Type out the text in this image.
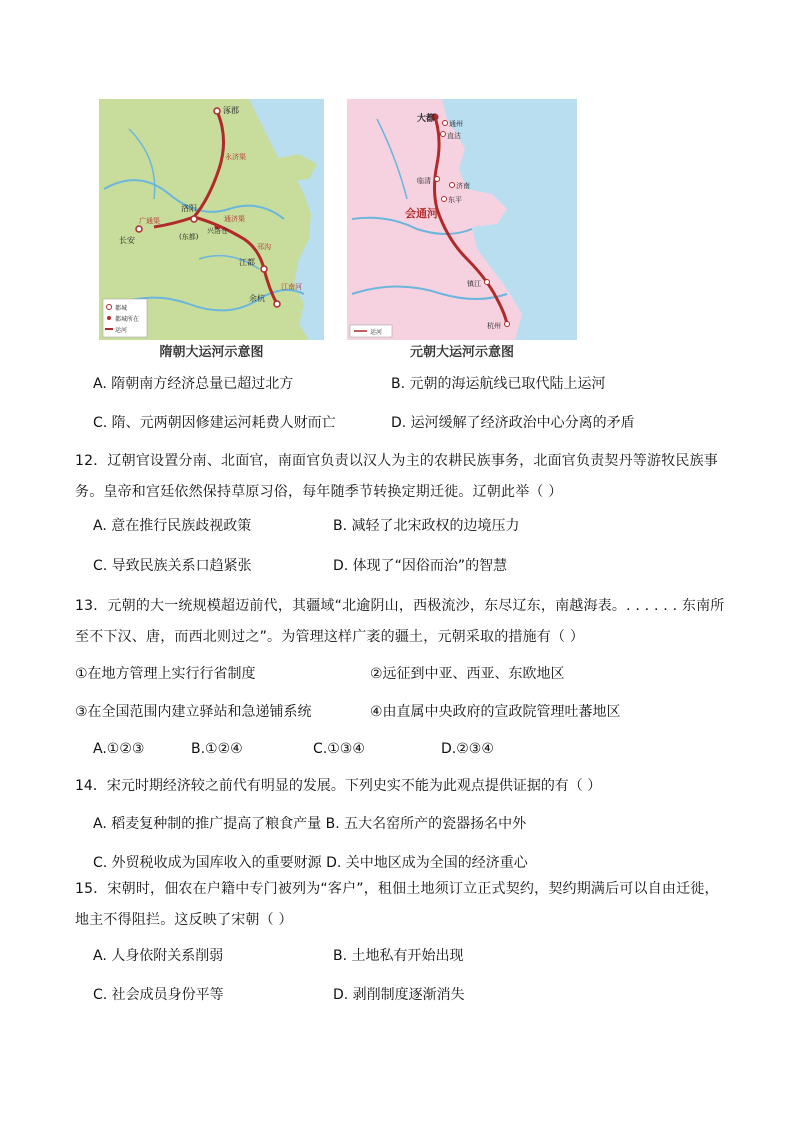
涿郡
洛阳
(东都)
长安
江都
余杭
兴洛仓
广通渠	通济渠
邗沟
江南河
永济渠
都城
都城所在
运河
隋朝大运河示意图
大都 通州
直沽
临清
济南
东平
镇江
杭州
会通河
运河
元朝大运河示意图
A. 隋朝南方经济总量已超过北方	B. 元朝的海运航线已取代陆上运河
C. 隋、元两朝因修建运河耗费人财而亡	D. 运河缓解了经济政治中心分离的矛盾
12．辽朝官设置分南、北面官，南面官负责以汉人为主的农耕民族事务，北面官负责契丹等游牧民族事务。皇帝和宫廷依然保持草原习俗，每年随季节转换定期迁徙。辽朝此举（ ）
A. 意在推行民族歧视政策	B. 减轻了北宋政权的边境压力
C. 导致民族关系口趋紧张	D. 体现了“因俗而治”的智慧
13．元朝的大一统规模超迈前代，其疆域“北逾阴山，西极流沙，东尽辽东，南越海表。. . . . . . 东南所至不下汉、唐，而西北则过之”。为管理这样广袤的疆土，元朝采取的措施有（ ）
①在地方管理上实行行省制度	②远征到中亚、西亚、东欧地区
③在全国范围内建立驿站和急递铺系统	④由直属中央政府的宣政院管理吐蕃地区
A.①②③	B.①②④	C.①③④	D.②③④
14．宋元时期经济较之前代有明显的发展。下列史实不能为此观点提供证据的有（ ）
A. 稻麦复种制的推广提高了粮食产量 B. 五大名窑所产的瓷器扬名中外
C. 外贸税收成为国库收入的重要财源 D. 关中地区成为全国的经济重心
15．宋朝时，佃农在户籍中专门被列为“客户”，租佃土地须订立正式契约，契约期满后可以自由迁徙，地主不得阻拦。这反映了宋朝（ ）
A. 人身依附关系削弱	B. 土地私有开始出现
C. 社会成员身份平等	D. 剥削制度逐渐消失
